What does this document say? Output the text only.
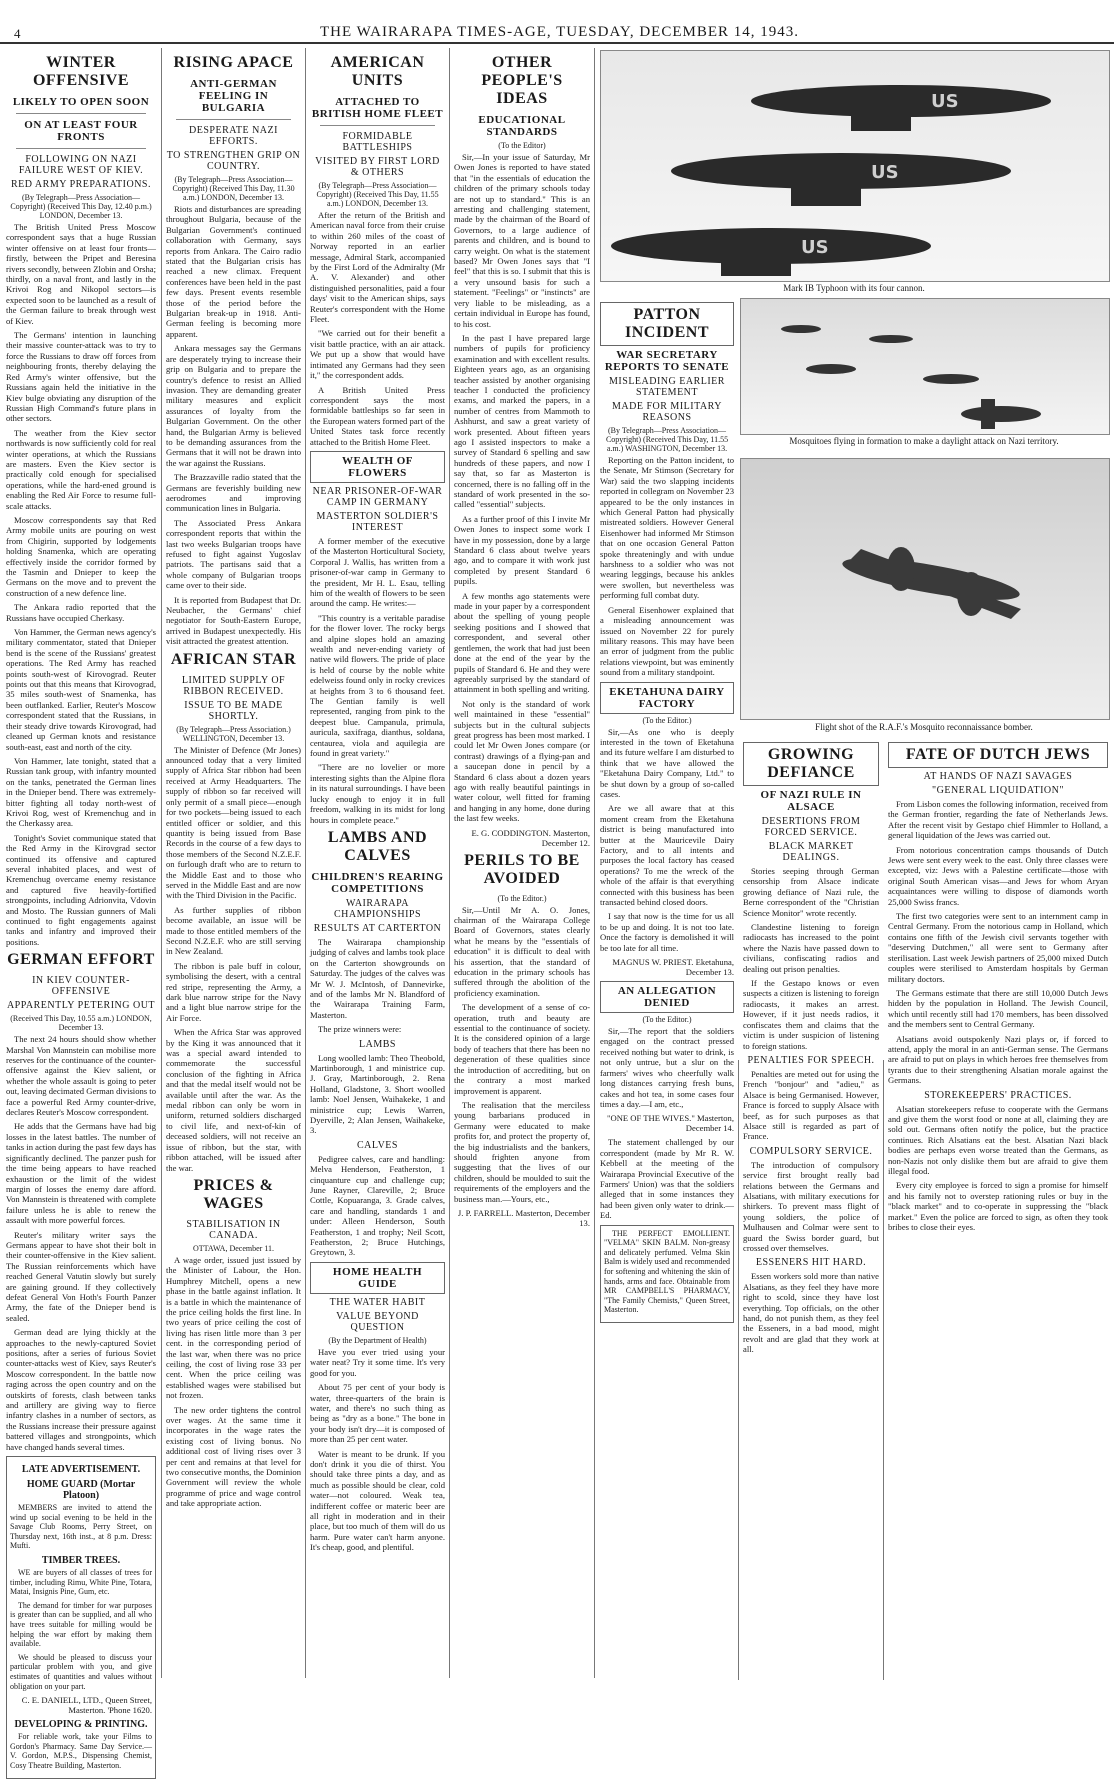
4	THE WAIRARAPA TIMES-AGE, TUESDAY, DECEMBER 14, 1943.
WINTER OFFENSIVE
LIKELY TO OPEN SOON
ON AT LEAST FOUR FRONTS
FOLLOWING ON NAZI FAILURE WEST OF KIEV.
RED ARMY PREPARATIONS.
(By Telegraph—Press Association—Copyright) (Received This Day, 12.40 p.m.) LONDON, December 13.

The British United Press Moscow correspondent says that a huge Russian winter offensive on at least four fronts—firstly, between the Pripet and Beresina rivers secondly, between Zlobin and Orsha; thirdly, on a naval front, and lastly in the Krivoi Rog and Nikopol sectors—is expected soon to be launched as a result of the German failure to break through west of Kiev.

The Germans' intention in launching their massive counter-attack was to try to force the Russians to draw off forces from neighbouring fronts, thereby delaying the Red Army's winter offensive, but the Russians again held the initiative in the Kiev bulge obviating any disruption of the Russian High Command's future plans in other sectors.

The weather from the Kiev sector northwards is now sufficiently cold for real winter operations, at which the Russians are masters. Even the Kiev sector is practically cold enough for specialised operations, while the hard-ened ground is enabling the Red Air Force to resume full-scale attacks.

Moscow correspondents say that Red Army mobile units are pouring on west from Chigirin, supported by lodgements holding Snamenka, which are operating effectively inside the corridor formed by the Tasmin and Dnieper to keep the Germans on the move and to prevent the construction of a new defence line.

The Ankara radio reported that the Russians have occupied Cherkasy.

Von Hammer, the German news agency's military commentator, stated that Dnieper bend is the scene of the Russians' greatest operations. The Red Army has reached points south-west of Kirovograd. Reuter points out that this means that Kirovograd, 35 miles south-west of Snamenka, has been outflanked. Earlier, Reuter's Moscow correspondent stated that the Russians, in their steady drive towards Kirovograd, had cleaned up German knots and resistance south-east, east and north of the city.

Von Hammer, late tonight, stated that a Russian tank group, with infantry mounted on the tanks, penetrated the German lines in the Dnieper bend. There was extremely-bitter fighting all today north-west of Krivoi Rog, west of Kremenchug and in the Cherkassy area.

Tonight's Soviet communique stated that the Red Army in the Kirovgrad sector continued its offensive and captured several inhabited places, and west of Kremenchug overcame enemy resistance and captured five heavily-fortified strongpoints, including Adrionvita, Vdovin and Mosto. The Russian gunners of Mali continued to fight engagements against tanks and infantry and improved their positions.

GERMAN EFFORT
IN KIEV COUNTER-OFFENSIVE
APPARENTLY PETERING OUT
(Received This Day, 10.55 a.m.) LONDON, December 13.

The next 24 hours should show whether Marshal Von Mannstein can mobilise more reserves for the continuance of the counter-offensive against the Kiev salient, or whether the whole assault is going to peter out, leaving decimated German divisions to face a powerful Red Army counter-drive, declares Reuter's Moscow correspondent.

He adds that the Germans have had big losses in the latest battles. The number of tanks in action during the past few days has significantly declined. The panzer push for the time being appears to have reached exhaustion or the limit of the widest margin of losses the enemy dare afford. Von Mannstein is threatened with complete failure unless he is able to renew the assault with more powerful forces.

Reuter's military writer says the Germans appear to have shot their bolt in their counter-offensive in the Kiev salient. The Russian reinforcements which have reached General Vatutin slowly but surely are gaining ground. If they collectively defeat General Von Hoth's Fourth Panzer Army, the fate of the Dnieper bend is sealed.

German dead are lying thickly at the approaches to the newly-captured Soviet positions, after a series of furious Soviet counter-attacks west of Kiev, says Reuter's Moscow correspondent. In the battle now raging across the open country and on the outskirts of forests, clash between tanks and artillery are giving way to fierce infantry clashes in a number of sectors, as the Russians increase their pressure against battered villages and strongpoints, which have changed hands several times.

LATE ADVERTISEMENT.
HOME GUARD (Mortar Platoon)

MEMBERS are invited to attend the wind up social evening to be held in the Savage Club Rooms, Perry Street, on Thursday next, 16th inst., at 8 p.m. Dress: Mufti.

TIMBER TREES.

WE are buyers of all classes of trees for timber, including Rimu, White Pine, Totara, Matai, Insignis Pine, Gum, etc.

The demand for timber for war purposes is greater than can be supplied, and all who have trees suitable for milling would be helping the war effort by making them available.

We should be pleased to discuss your particular problem with you, and give estimates of quantities and values without obligation on your part.

C. E. DANIELL, LTD., Queen Street, Masterton. 'Phone 1620.
DEVELOPING & PRINTING.

For reliable work, take your Films to Gordon's Pharmacy. Same Day Service.—V. Gordon, M.P.S., Dispensing Chemist, Cosy Theatre Building, Masterton.

RISING APACE
ANTI-GERMAN FEELING IN BULGARIA
DESPERATE NAZI EFFORTS.
TO STRENGTHEN GRIP ON COUNTRY.
(By Telegraph—Press Association—Copyright) (Received This Day, 11.30 a.m.) LONDON, December 13.

Riots and disturbances are spreading throughout Bulgaria, because of the Bulgarian Government's continued collaboration with Germany, says reports from Ankara. The Cairo radio stated that the Bulgarian crisis has reached a new climax. Frequent conferences have been held in the past few days. Present events resemble those of the period before the Bulgarian break-up in 1918. Anti-German feeling is becoming more apparent.

Ankara messages say the Germans are desperately trying to increase their grip on Bulgaria and to prepare the country's defence to resist an Allied invasion. They are demanding greater military measures and explicit assurances of loyalty from the Bulgarian Government. On the other hand, the Bulgarian Army is believed to be demanding assurances from the Germans that it will not be drawn into the war against the Russians.

The Brazzaville radio stated that the Germans are feverishly building new aerodromes and improving communication lines in Bulgaria.

The Associated Press Ankara correspondent reports that within the last two weeks Bulgarian troops have refused to fight against Yugoslav patriots. The partisans said that a whole company of Bulgarian troops came over to their side.

It is reported from Budapest that Dr. Neubacher, the Germans' chief negotiator for South-Eastern Europe, arrived in Budapest unexpectedly. His visit attracted the greatest attention.

AFRICAN STAR
LIMITED SUPPLY OF RIBBON RECEIVED.
ISSUE TO BE MADE SHORTLY.
(By Telegraph—Press Association.) WELLINGTON, December 13.

The Minister of Defence (Mr Jones) announced today that a very limited supply of Africa Star ribbon had been received at Army Headquarters. The supply of ribbon so far received will only permit of a small piece—enough for two pockets—being issued to each entitled officer or soldier, and this quantity is being issued from Base Records in the course of a few days to those members of the Second N.Z.E.F. on furlough draft who are to return to the Middle East and to those who served in the Middle East and are now with the Third Division in the Pacific.

As further supplies of ribbon become available, an issue will be made to those entitled members of the Second N.Z.E.F. who are still serving in New Zealand.

The ribbon is pale buff in colour, symbolising the desert, with a central red stripe, representing the Army, a dark blue narrow stripe for the Navy and a light blue narrow stripe for the Air Force.

When the Africa Star was approved by the King it was announced that it was a special award intended to commemorate the successful conclusion of the fighting in Africa and that the medal itself would not be available until after the war. As the medal ribbon can only be worn in uniform, returned soldiers discharged to civil life, and next-of-kin of deceased soldiers, will not receive an issue of ribbon, but the star, with ribbon attached, will be issued after the war.

PRICES & WAGES
STABILISATION IN CANADA.
OTTAWA, December 11.

A wage order, issued just issued by the Minister of Labour, the Hon. Humphrey Mitchell, opens a new phase in the battle against inflation. It is a battle in which the maintenance of the price ceiling holds the first line. In two years of price ceiling the cost of living has risen little more than 3 per cent. in the corresponding period of the last war, when there was no price ceiling, the cost of living rose 33 per cent. When the price ceiling was established wages were stabilised but not frozen.

The new order tightens the control over wages. At the same time it incorporates in the wage rates the existing cost of living bonus. No additional cost of living rises over 3 per cent and remains at that level for two consecutive months, the Dominion Government will review the whole programme of price and wage control and take appropriate action.

AMERICAN UNITS
ATTACHED TO BRITISH HOME FLEET
FORMIDABLE BATTLESHIPS
VISITED BY FIRST LORD & OTHERS
(By Telegraph—Press Association—Copyright) (Received This Day, 11.55 a.m.) LONDON, December 13.

After the return of the British and American naval force from their cruise to within 260 miles of the coast of Norway reported in an earlier message, Admiral Stark, accompanied by the First Lord of the Admiralty (Mr A. V. Alexander) and other distinguished personalities, paid a four days' visit to the American ships, says Reuter's correspondent with the Home Fleet.

"We carried out for their benefit a visit battle practice, with an air attack. We put up a show that would have intimated any Germans had they seen it," the correspondent adds.

A British United Press correspondent says the most formidable battleships so far seen in the European waters formed part of the United States task force recently attached to the British Home Fleet.

WEALTH OF FLOWERS
NEAR PRISONER-OF-WAR CAMP IN GERMANY
MASTERTON SOLDIER'S INTEREST

A former member of the executive of the Masterton Horticultural Society, Corporal J. Wallis, has written from a prisoner-of-war camp in Germany to the president, Mr H. L. Esau, telling him of the wealth of flowers to be seen around the camp. He writes:—

"This country is a veritable paradise for the flower lover. The rocky bergs and alpine slopes hold an amazing wealth and never-ending variety of native wild flowers. The pride of place is held of course by the noble white edelweiss found only in rocky crevices at heights from 3 to 6 thousand feet. The Gentian family is well represented, ranging from pink to the deepest blue. Campanula, primula, auricula, saxifraga, dianthus, soldana, centaurea, viola and aquilegia are found in great variety."

"There are no lovelier or more interesting sights than the Alpine flora in its natural surroundings. I have been lucky enough to enjoy it in full freedom, walking in its midst for long hours in complete peace."

LAMBS AND CALVES
CHILDREN'S REARING COMPETITIONS
WAIRARAPA CHAMPIONSHIPS
RESULTS AT CARTERTON

The Wairarapa championship judging of calves and lambs took place on the Carterton showgrounds on Saturday. The judges of the calves was Mr W. J. McIntosh, of Dannevirke, and of the lambs Mr N. Blandford of the Wairarapa Training Farm, Masterton.

The prize winners were:

LAMBS

Long woolled lamb: Theo Theobold, Martinborough, 1 and ministrice cup. J. Gray, Martinborough, 2. Rena Holland, Gladstone, 3. Short woolled lamb: Noel Jensen, Waihakeke, 1 and ministrice cup; Lewis Warren, Dyerville, 2; Alan Jensen, Waihakeke, 3.

CALVES

Pedigree calves, care and handling: Melva Henderson, Featherston, 1 cinquanture cup and challenge cup; June Rayner, Clareville, 2; Bruce Cottle, Kopuaranga, 3. Grade calves, care and handling, standards 1 and under: Alleen Henderson, South Featherston, 1 and trophy; Neil Scott, Featherston, 2; Bruce Hutchings, Greytown, 3.

HOME HEALTH GUIDE
THE WATER HABIT
VALUE BEYOND QUESTION
(By the Department of Health)

Have you ever tried using your water neat? Try it some time. It's very good for you.

About 75 per cent of your body is water, three-quarters of the brain is water, and there's no such thing as being as "dry as a bone." The bone in your body isn't dry—it is composed of more than 25 per cent water.

Water is meant to be drunk. If you don't drink it you die of thirst. You should take three pints a day, and as much as possible should be clear, cold water—not coloured. Weak tea, indifferent coffee or materic beer are all right in moderation and in their place, but too much of them will do us harm. Pure water can't harm anyone. It's cheap, good, and plentiful.

OTHER PEOPLE'S IDEAS
EDUCATIONAL STANDARDS
(To the Editor)

Sir,—In your issue of Saturday, Mr Owen Jones is reported to have stated that "in the essentials of education the children of the primary schools today are not up to standard." This is an arresting and challenging statement, made by the chairman of the Board of Governors, to a large audience of parents and children, and is bound to carry weight. On what is the statement based? Mr Owen Jones says that "I feel" that this is so. I submit that this is a very unsound basis for such a statement. "Feelings" or "instincts" are very liable to be misleading, as a certain individual in Europe has found, to his cost.

In the past I have prepared large numbers of pupils for proficiency examination and with excellent results. Eighteen years ago, as an organising teacher assisted by another organising teacher I conducted the proficiency exams, and marked the papers, in a number of centres from Mammoth to Ashhurst, and saw a great variety of work presented. About fifteen years ago I assisted inspectors to make a survey of Standard 6 spelling and saw hundreds of these papers, and now I say that, so far as Masterton is concerned, there is no falling off in the standard of work presented in the so-called "essential" subjects.

As a further proof of this I invite Mr Owen Jones to inspect some work I have in my possession, done by a large Standard 6 class about twelve years ago, and to compare it with work just completed by present Standard 6 pupils.

A few months ago statements were made in your paper by a correspondent about the spelling of young people seeking positions and I showed that correspondent, and several other gentlemen, the work that had just been done at the end of the year by the pupils of Standard 6. He and they were agreeably surprised by the standard of attainment in both spelling and writing.

Not only is the standard of work well maintained in these "essential" subjects but in the cultural subjects great progress has been most marked. I could let Mr Owen Jones compare (or contrast) drawings of a flying-pan and a saucepan done in pencil by a Standard 6 class about a dozen years ago with really beautiful paintings in water colour, well fitted for framing and hanging in any home, done during the last few weeks.

E. G. CODDINGTON. Masterton, December 12.
PERILS TO BE AVOIDED
(To the Editor.)

Sir,—Until Mr A. O. Jones, chairman of the Wairarapa College Board of Governors, states clearly what he means by the "essentials of education" it is difficult to deal with his assertion, that the standard of education in the primary schools has suffered through the abolition of the proficiency examination.

The development of a sense of co-operation, truth and beauty are essential to the continuance of society. It is the considered opinion of a large body of teachers that there has been no degeneration of these qualities since the introduction of accrediting, but on the contrary a most marked improvement is apparent.

The realisation that the merciless young barbarians produced in Germany were educated to make profits for, and protect the property of, the big industrialists and the bankers, should frighten anyone from suggesting that the lives of our children, should be moulded to suit the requirements of the employers and the business man.—Yours, etc.,

J. P. FARRELL. Masterton, December 13.
US
US
US
Mark IB Typhoon with its four cannon.
Mosquitoes flying in formation to make a daylight attack on Nazi territory.
Flight shot of the R.A.F.'s Mosquito reconnaissance bomber.
PATTON INCIDENT
WAR SECRETARY REPORTS TO SENATE
MISLEADING EARLIER STATEMENT
MADE FOR MILITARY REASONS
(By Telegraph—Press Association—Copyright) (Received This Day, 11.55 a.m.) WASHINGTON, December 13.

Reporting on the Patton incident, to the Senate, Mr Stimson (Secretary for War) said the two slapping incidents reported in collegram on November 23 appeared to be the only instances in which General Patton had physically mistreated soldiers. However General Eisenhower had informed Mr Stimson that on one occasion General Patton spoke threateningly and with undue harshness to a soldier who was not wearing leggings, because his ankles were swollen, but nevertheless was performing full combat duty.

General Eisenhower explained that a misleading announcement was issued on November 22 for purely military reasons. This may have been an error of judgment from the public relations viewpoint, but was eminently sound from a military standpoint.

EKETAHUNA DAIRY FACTORY
(To the Editor.)

Sir,—As one who is deeply interested in the town of Eketahuna and its future welfare I am disturbed to think that we have allowed the "Eketahuna Dairy Company, Ltd." to be shut down by a group of so-called cases.

Are we all aware that at this moment cream from the Eketahuna district is being manufactured into butter at the Mauricevile Dairy Factory, and to all intents and purposes the local factory has ceased operations? To me the wreck of the whole of the affair is that everything connected with this business has been transacted behind closed doors.

I say that now is the time for us all to be up and doing. It is not too late. Once the factory is demolished it will be too late for all time.

MAGNUS W. PRIEST. Eketahuna, December 13.
AN ALLEGATION DENIED
(To the Editor.)

Sir,—The report that the soldiers engaged on the contract pressed received nothing but water to drink, is not only untrue, but a slur on the farmers' wives who cheerfully walk long distances carrying fresh buns, cakes and hot tea, in some cases four times a day.—I am, etc.,

"ONE OF THE WIVES." Masterton, December 14.

The statement challenged by our correspondent (made by Mr R. W. Kebbell at the meeting of the Wairarapa Provincial Executive of the Farmers' Union) was that the soldiers alleged that in some instances they had been given only water to drink.—Ed.

THE PERFECT EMOLLIENT. "VELMA" SKIN BALM. Non-greasy and delicately perfumed. Velma Skin Balm is widely used and recommended for softening and whitening the skin of hands, arms and face. Obtainable from MR CAMPBELL'S PHARMACY, "The Family Chemists," Queen Street, Masterton.

GROWING DEFIANCE
OF NAZI RULE IN ALSACE
DESERTIONS FROM FORCED SERVICE.
BLACK MARKET DEALINGS.

Stories seeping through German censorship from Alsace indicate growing defiance of Nazi rule, the Berne correspondent of the "Christian Science Monitor" wrote recently.

Clandestine listening to foreign radiocasts has increased to the point where the Nazis have passed down to civilians, confiscating radios and dealing out prison penalties.

If the Gestapo knows or even suspects a citizen is listening to foreign radiocasts, it makes an arrest. However, if it just needs radios, it confiscates them and claims that the victim is under suspicion of listening to foreign stations.

PENALTIES FOR SPEECH.

Penalties are meted out for using the French "bonjour" and "adieu," as Alsace is being Germanised. However, France is forced to supply Alsace with beef, as for such purposes as that Alsace still is regarded as part of France.

COMPULSORY SERVICE.

The introduction of compulsory service first brought really bad relations between the Germans and Alsatians, with military executions for shirkers. To prevent mass flight of young soldiers, the police of Mulhausen and Colmar were sent to guard the Swiss border guard, but crossed over themselves.

ESSENERS HIT HARD.

Essen workers sold more than native Alsatians, as they feel they have more right to scold, since they have lost everything. Top officials, on the other hand, do not punish them, as they feel the Esseners, in a bad mood, might revolt and are glad that they work at all.

FATE OF DUTCH JEWS
AT HANDS OF NAZI SAVAGES
"GENERAL LIQUIDATION"

From Lisbon comes the following information, received from the German frontier, regarding the fate of Netherlands Jews. After the recent visit by Gestapo chief Himmler to Holland, a general liquidation of the Jews was carried out.

From notorious concentration camps thousands of Dutch Jews were sent every week to the east. Only three classes were excepted, viz: Jews with a Palestine certificate—those with original South American visas—and Jews for whom Aryan acquaintances were willing to dispose of diamonds worth 25,000 Swiss francs.

The first two categories were sent to an internment camp in Central Germany. From the notorious camp in Holland, which contains one fifth of the Jewish civil servants together with "deserving Dutchmen," all were sent to Germany after sterilisation. Last week Jewish partners of 25,000 mixed Dutch couples were sterilised to Amsterdam hospitals by German military doctors.

The Germans estimate that there are still 10,000 Dutch Jews hidden by the population in Holland. The Jewish Council, which until recently still had 170 members, has been dissolved and the members sent to Central Germany.

Alsatians avoid outspokenly Nazi plays or, if forced to attend, apply the moral in an anti-German sense. The Germans are afraid to put on plays in which heroes free themselves from tyrants due to their strengthening Alsatian morale against the Germans.

STOREKEEPERS' PRACTICES.

Alsatian storekeepers refuse to cooperate with the Germans and give them the worst food or none at all, claiming they are sold out. Germans often notify the police, but the practice continues. Rich Alsatians eat the best. Alsatian Nazi black bodies are perhaps even worse treated than the Germans, as non-Nazis not only dislike them but are afraid to give them illegal food.

Every city employee is forced to sign a promise for himself and his family not to overstep rationing rules or buy in the "black market" and to co-operate in suppressing the "black market." Even the police are forced to sign, as often they took bribes to close their eyes.
